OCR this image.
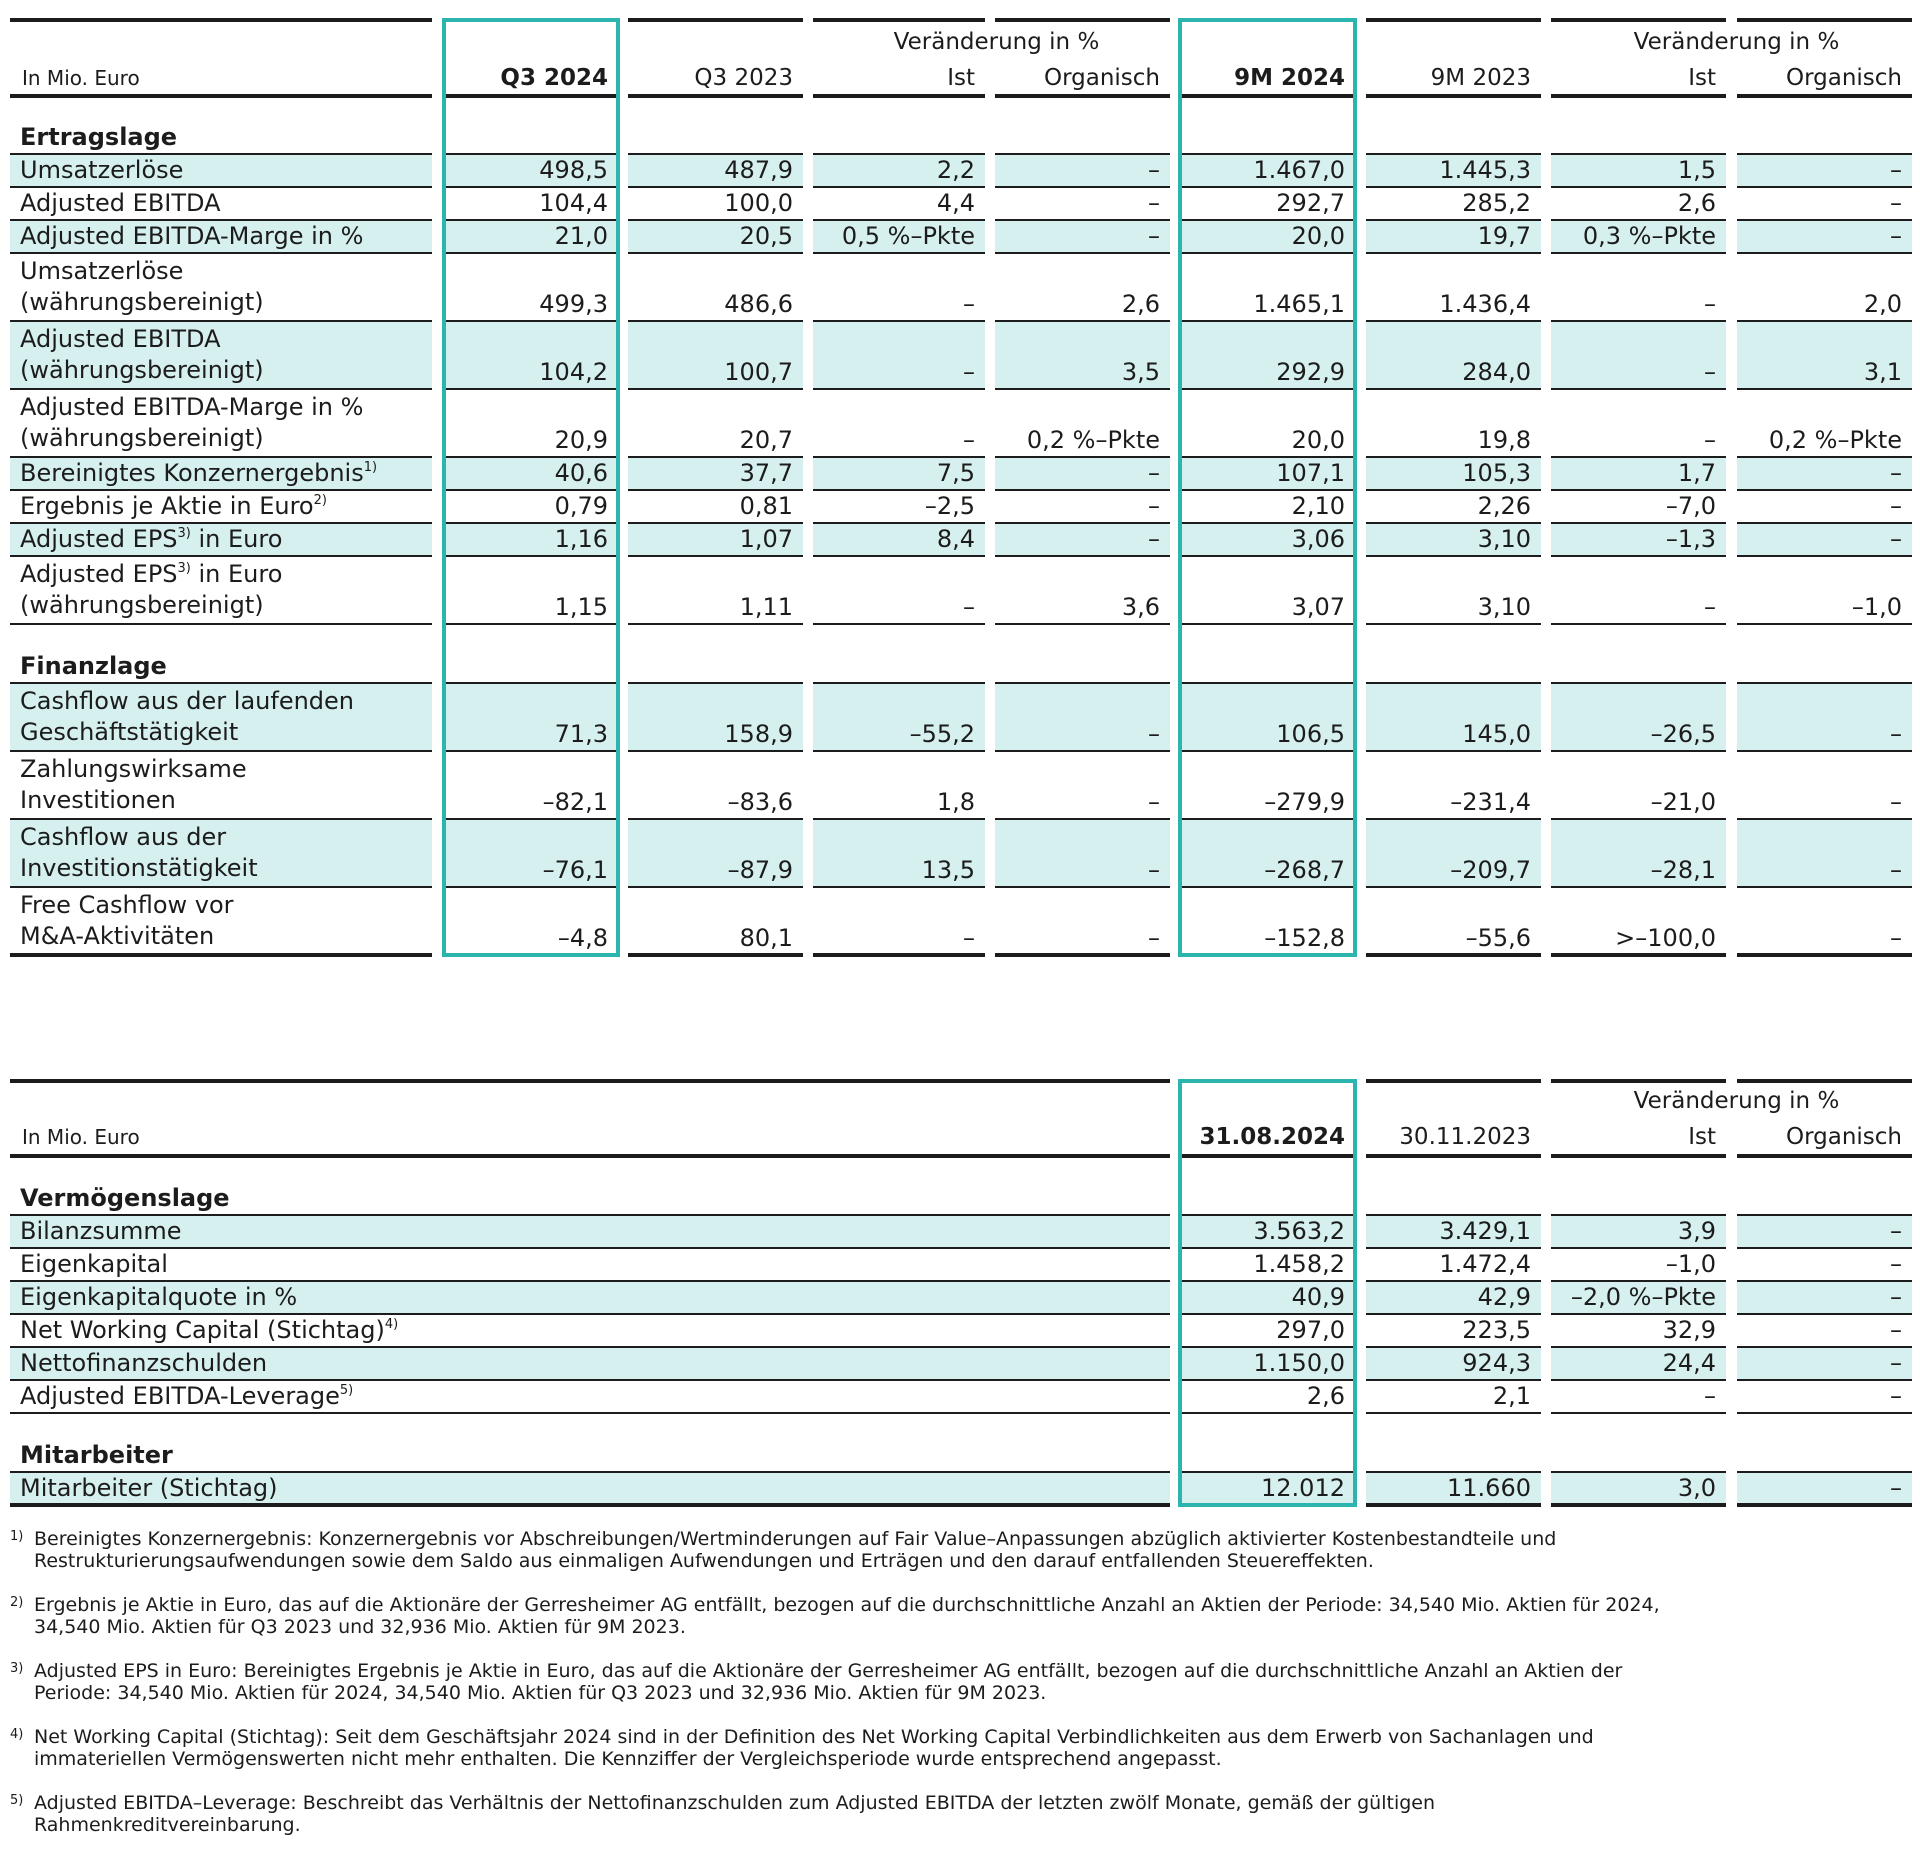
In Mio. Euro	Q3 2024	Q3 2023	Ist	Organisch	9M 2024	9M 2023	Ist	Organisch
Veränderung in %	Veränderung in %
Ertragslage
Umsatzerlöse	498,5	487,9	2,2	–	1.467,0	1.445,3	1,5	–
Adjusted EBITDA	104,4	100,0	4,4	–	292,7	285,2	2,6	–
Adjusted EBITDA-Marge in %	21,0	20,5	0,5 %–Pkte	–	20,0	19,7	0,3 %–Pkte	–
Umsatzerlöse
(währungsbereinigt)	499,3	486,6	–	2,6	1.465,1	1.436,4	–	2,0
Adjusted EBITDA
(währungsbereinigt)	104,2	100,7	–	3,5	292,9	284,0	–	3,1
Adjusted EBITDA-Marge in %
(währungsbereinigt)	20,9	20,7	–	0,2 %–Pkte	20,0	19,8	–	0,2 %–Pkte
Bereinigtes Konzernergebnis$^{1)}$	40,6	37,7	7,5	–	107,1	105,3	1,7	–
Ergebnis je Aktie in Euro$^{2)}$	0,79	0,81	–2,5	–	2,10	2,26	–7,0	–
Adjusted EPS$^{3)}$ in Euro	1,16	1,07	8,4	–	3,06	3,10	–1,3	–
Adjusted EPS$^{3)}$ in Euro
(währungsbereinigt)	1,15	1,11	–	3,6	3,07	3,10	–	–1,0
Finanzlage
Cashflow aus der laufenden
Geschäftstätigkeit	71,3	158,9	–55,2	–	106,5	145,0	–26,5	–
Zahlungswirksame
Investitionen	–82,1	–83,6	1,8	–	–279,9	–231,4	–21,0	–
Cashflow aus der
Investitionstätigkeit	–76,1	–87,9	13,5	–	–268,7	–209,7	–28,1	–
Free Cashflow vor
M&A-Aktivitäten	–4,8	80,1	–	–	–152,8	–55,6	>–100,0	–
In Mio. Euro	31.08.2024	30.11.2023	Ist	Organisch
Veränderung in %
Vermögenslage
Bilanzsumme	3.563,2	3.429,1	3,9	–
Eigenkapital	1.458,2	1.472,4	–1,0	–
Eigenkapitalquote in %	40,9	42,9	–2,0 %–Pkte	–
Net Working Capital (Stichtag)$^{4)}$	297,0	223,5	32,9	–
Nettofinanzschulden	1.150,0	924,3	24,4	–
Adjusted EBITDA-Leverage$^{5)}$	2,6	2,1	–	–
Mitarbeiter
Mitarbeiter (Stichtag)	12.012	11.660	3,0	–
1) Bereinigtes Konzernergebnis: Konzernergebnis vor Abschreibungen/Wertminderungen auf Fair Value–Anpassungen abzüglich aktivierter Kostenbestandteile und
Restrukturierungsaufwendungen sowie dem Saldo aus einmaligen Aufwendungen und Erträgen und den darauf entfallenden Steuereffekten.
2) Ergebnis je Aktie in Euro, das auf die Aktionäre der Gerresheimer AG entfällt, bezogen auf die durchschnittliche Anzahl an Aktien der Periode: 34,540 Mio. Aktien für 2024,
34,540 Mio. Aktien für Q3 2023 und 32,936 Mio. Aktien für 9M 2023.
3) Adjusted EPS in Euro: Bereinigtes Ergebnis je Aktie in Euro, das auf die Aktionäre der Gerresheimer AG entfällt, bezogen auf die durchschnittliche Anzahl an Aktien der
Periode: 34,540 Mio. Aktien für 2024, 34,540 Mio. Aktien für Q3 2023 und 32,936 Mio. Aktien für 9M 2023.
4) Net Working Capital (Stichtag): Seit dem Geschäftsjahr 2024 sind in der Definition des Net Working Capital Verbindlichkeiten aus dem Erwerb von Sachanlagen und
immateriellen Vermögenswerten nicht mehr enthalten. Die Kennziffer der Vergleichsperiode wurde entsprechend angepasst.
5) Adjusted EBITDA–Leverage: Beschreibt das Verhältnis der Nettofinanzschulden zum Adjusted EBITDA der letzten zwölf Monate, gemäß der gültigen
Rahmenkreditvereinbarung.
